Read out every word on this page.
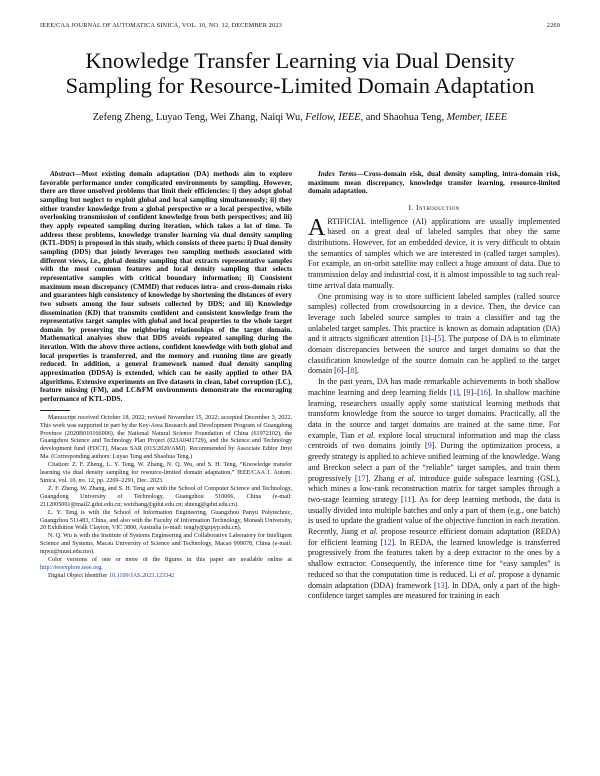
IEEE/CAA JOURNAL OF AUTOMATICA SINICA, VOL. 10, NO. 12, DECEMBER 2023	2269
Knowledge Transfer Learning via Dual Density Sampling for Resource-Limited Domain Adaptation
Zefeng Zheng, Luyao Teng, Wei Zhang, Naiqi Wu, Fellow, IEEE, and Shaohua Teng, Member, IEEE

Abstract—Most existing domain adaptation (DA) methods aim to explore favorable performance under complicated environments by sampling. However, there are three unsolved problems that limit their efficiencies: i) they adopt global sampling but neglect to exploit global and local sampling simultaneously; ii) they either transfer knowledge from a global perspective or a local perspective, while overlooking transmission of confident knowledge from both perspectives; and iii) they apply repeated sampling during iteration, which takes a lot of time. To address these problems, knowledge transfer learning via dual density sampling (KTL-DDS) is proposed in this study, which consists of three parts: i) Dual density sampling (DDS) that jointly leverages two sampling methods associated with different views, i.e., global density sampling that extracts representative samples with the most common features and local density sampling that selects representative samples with critical boundary information; ii) Consistent maximum mean discrepancy (CMMD) that reduces intra- and cross-domain risks and guarantees high consistency of knowledge by shortening the distances of every two subsets among the four subsets collected by DDS; and iii) Knowledge dissemination (KD) that transmits confident and consistent knowledge from the representative target samples with global and local properties to the whole target domain by preserving the neighboring relationships of the target domain. Mathematical analyses show that DDS avoids repeated sampling during the iteration. With the above three actions, confident knowledge with both global and local properties is transferred, and the memory and running time are greatly reduced. In addition, a general framework named dual density sampling approximation (DDSA) is extended, which can be easily applied to other DA algorithms. Extensive experiments on five datasets in clean, label corruption (LC), feature missing (FM), and LC&FM environments demonstrate the encouraging performance of KTL-DDS.

Manuscript received October 18, 2022; revised November 15, 2022; accepted December 3, 2022. This work was supported in part by the Key-Area Research and Development Program of Guangdong Province (2020B010166006), the National Natural Science Foundation of China (61972102), the Guangzhou Science and Technology Plan Project (023A04J1729), and the Science and Technology development fund (FDCT), Macau SAR (015/2020/AMJ). Recommended by Associate Editor Jinyi Ma. (Corresponding authors: Luyao Teng and Shaohua Teng.)

Citation: Z. F. Zheng, L. Y. Teng, W. Zhang, N. Q. Wu, and S. H. Teng, “Knowledge transfer learning via dual density sampling for resource-limited domain adaptation,” IEEE/CAA J. Autom. Sinica, vol. 10, no. 12, pp. 2269–2291, Dec. 2023.

Z. F. Zheng, W. Zhang, and S. H. Teng are with the School of Computer Science and Technology, Guangdong University of Technology, Guangzhou 510006, China (e-mail: 2112005001@mail2.gdut.edu.cn; weizhang@gdut.edu.cn; shteng@gdut.edu.cn).

L. Y. Teng is with the School of Information Engineering, Guangzhou Panyu Polytechnic, Guangzhou 511483, China, and also with the Faculty of Information Technology, Monash University, 20 Exhibition Walk Clayton, VIC 3800, Australia (e-mail: tengly@gzpyp.edu.cn).

N. Q. Wu is with the Institute of Systems Engineering and Collaborative Laboratory for Intelligent Science and Systems, Macau University of Science and Technology, Macao 999078, China (e-mail: nqwu@must.edu.mo).

Color versions of one or more of the figures in this paper are available online at http://ieeexplore.ieee.org.

Digital Object Identifier 10.1109/JAS.2023.123342

Index Terms—Cross-domain risk, dual density sampling, intra-domain risk, maximum mean discrepancy, knowledge transfer learning, resource-limited domain adaptation.

I. Introduction

ARTIFICIAL intelligence (AI) applications are usually implemented based on a great deal of labeled samples that obey the same distributions. However, for an embedded device, it is very difficult to obtain the semantics of samples which we are interested in (called target samples). For example, an on-orbit satellite may collect a huge amount of data. Due to transmission delay and industrial cost, it is almost impossible to tag such real-time arrival data manually.

One promising way is to store sufficient labeled samples (called source samples) collected from crowdsourcing in a device. Then, the device can leverage such labeled source samples to train a classifier and tag the unlabeled target samples. This practice is known as domain adaptation (DA) and it attracts significant attention [1]–[5]. The purpose of DA is to eliminate domain discrepancies between the source and target domains so that the classification knowledge of the source domain can be applied to the target domain [6]–[8].

In the past years, DA has made remarkable achievements in both shallow machine learning and deep learning fields [1], [9]–[16]. In shallow machine learning, researchers usually apply some statistical learning methods that transform knowledge from the source to target domains. Practically, all the data in the source and target domains are trained at the same time. For example, Tian et al. explore local structural information and map the class centroids of two domains jointly [9]. During the optimization process, a greedy strategy is applied to achieve unified learning of the knowledge. Wang and Breckon select a part of the “reliable” target samples, and train them progressively [17]. Zhang et al. introduce guide subspace learning (GSL), which mines a low-rank reconstruction matrix for target samples through a two-stage learning strategy [11]. As for deep learning methods, the data is usually divided into multiple batches and only a part of them (e.g., one batch) is used to update the gradient value of the objective function in each iteration. Recently, Jiang et al. propose resource efficient domain adaptation (REDA) for efficient learning [12]. In REDA, the learned knowledge is transferred progressively from the features taken by a deep extractor to the ones by a shallow extractor. Consequently, the inference time for “easy samples” is reduced so that the computation time is reduced. Li et al. propose a dynamic domain adaptation (DDA) framework [13]. In DDA, only a part of the high-confidence target samples are measured for training in each
